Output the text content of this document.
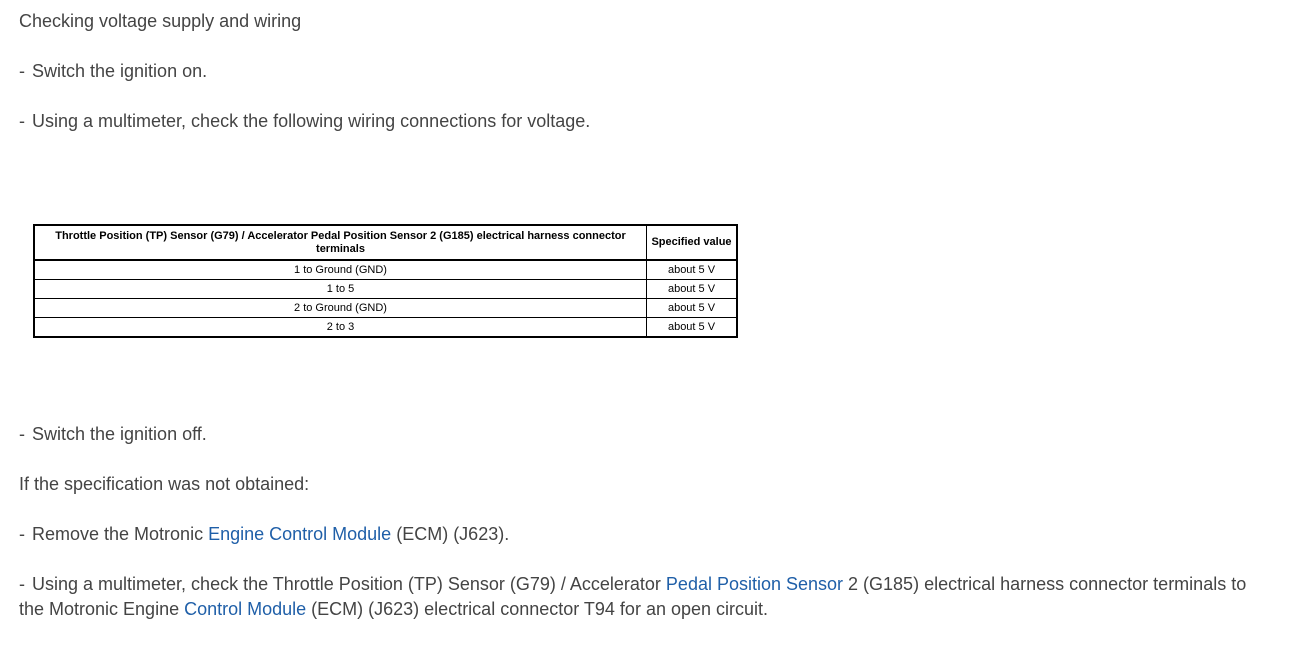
Checking voltage supply and wiring
- Switch the ignition on.
- Using a multimeter, check the following wiring connections for voltage.
Throttle Position (TP) Sensor (G79) / Accelerator Pedal Position Sensor 2 (G185) electrical harness connector terminals	Specified value
1 to Ground (GND)	about 5 V
1 to 5	about 5 V
2 to Ground (GND)	about 5 V
2 to 3	about 5 V
- Switch the ignition off.
If the specification was not obtained:
- Remove the Motronic Engine Control Module (ECM) (J623).
- Using a multimeter, check the Throttle Position (TP) Sensor (G79) / Accelerator Pedal Position Sensor 2 (G185) electrical harness connector terminals to the Motronic Engine Control Module (ECM) (J623) electrical connector T94 for an open circuit.
